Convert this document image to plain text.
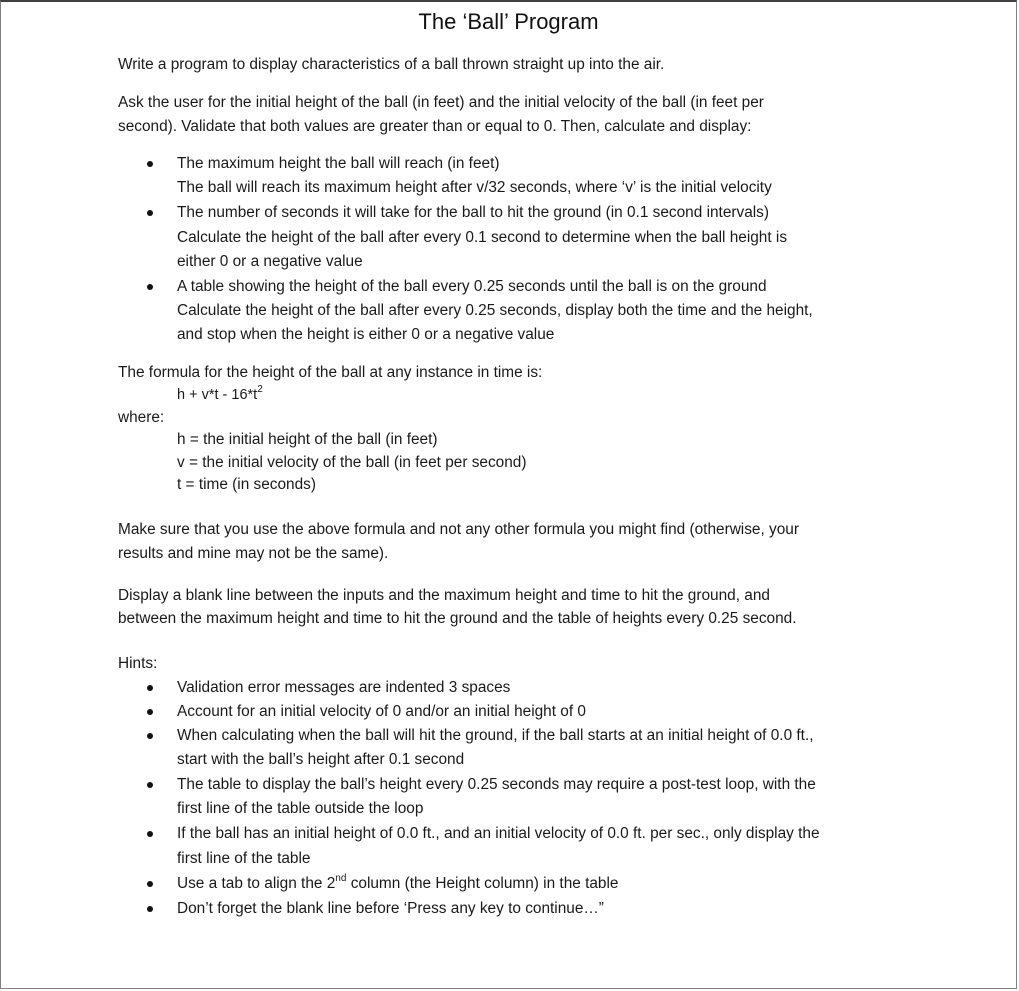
The ‘Ball’ Program
Write a program to display characteristics of a ball thrown straight up into the air.
Ask the user for the initial height of the ball (in feet) and the initial velocity of the ball (in feet per
second). Validate that both values are greater than or equal to 0. Then, calculate and display:
The maximum height the ball will reach (in feet)
The ball will reach its maximum height after v/32 seconds, where ‘v’ is the initial velocity
The number of seconds it will take for the ball to hit the ground (in 0.1 second intervals)
Calculate the height of the ball after every 0.1 second to determine when the ball height is
either 0 or a negative value
A table showing the height of the ball every 0.25 seconds until the ball is on the ground
Calculate the height of the ball after every 0.25 seconds, display both the time and the height,
and stop when the height is either 0 or a negative value
The formula for the height of the ball at any instance in time is:
$h + v*t - 16*t^2$
where:
h = the initial height of the ball (in feet)
v = the initial velocity of the ball (in feet per second)
t = time (in seconds)
Make sure that you use the above formula and not any other formula you might find (otherwise, your
results and mine may not be the same).
Display a blank line between the inputs and the maximum height and time to hit the ground, and
between the maximum height and time to hit the ground and the table of heights every 0.25 second.
Hints:
Validation error messages are indented 3 spaces
Account for an initial velocity of 0 and/or an initial height of 0
When calculating when the ball will hit the ground, if the ball starts at an initial height of 0.0 ft.,
start with the ball’s height after 0.1 second
The table to display the ball’s height every 0.25 seconds may require a post-test loop, with the
first line of the table outside the loop
If the ball has an initial height of 0.0 ft., and an initial velocity of 0.0 ft. per sec., only display the
first line of the table
Use a tab to align the 2nd column (the Height column) in the table
Don’t forget the blank line before ‘Press any key to continue…”
